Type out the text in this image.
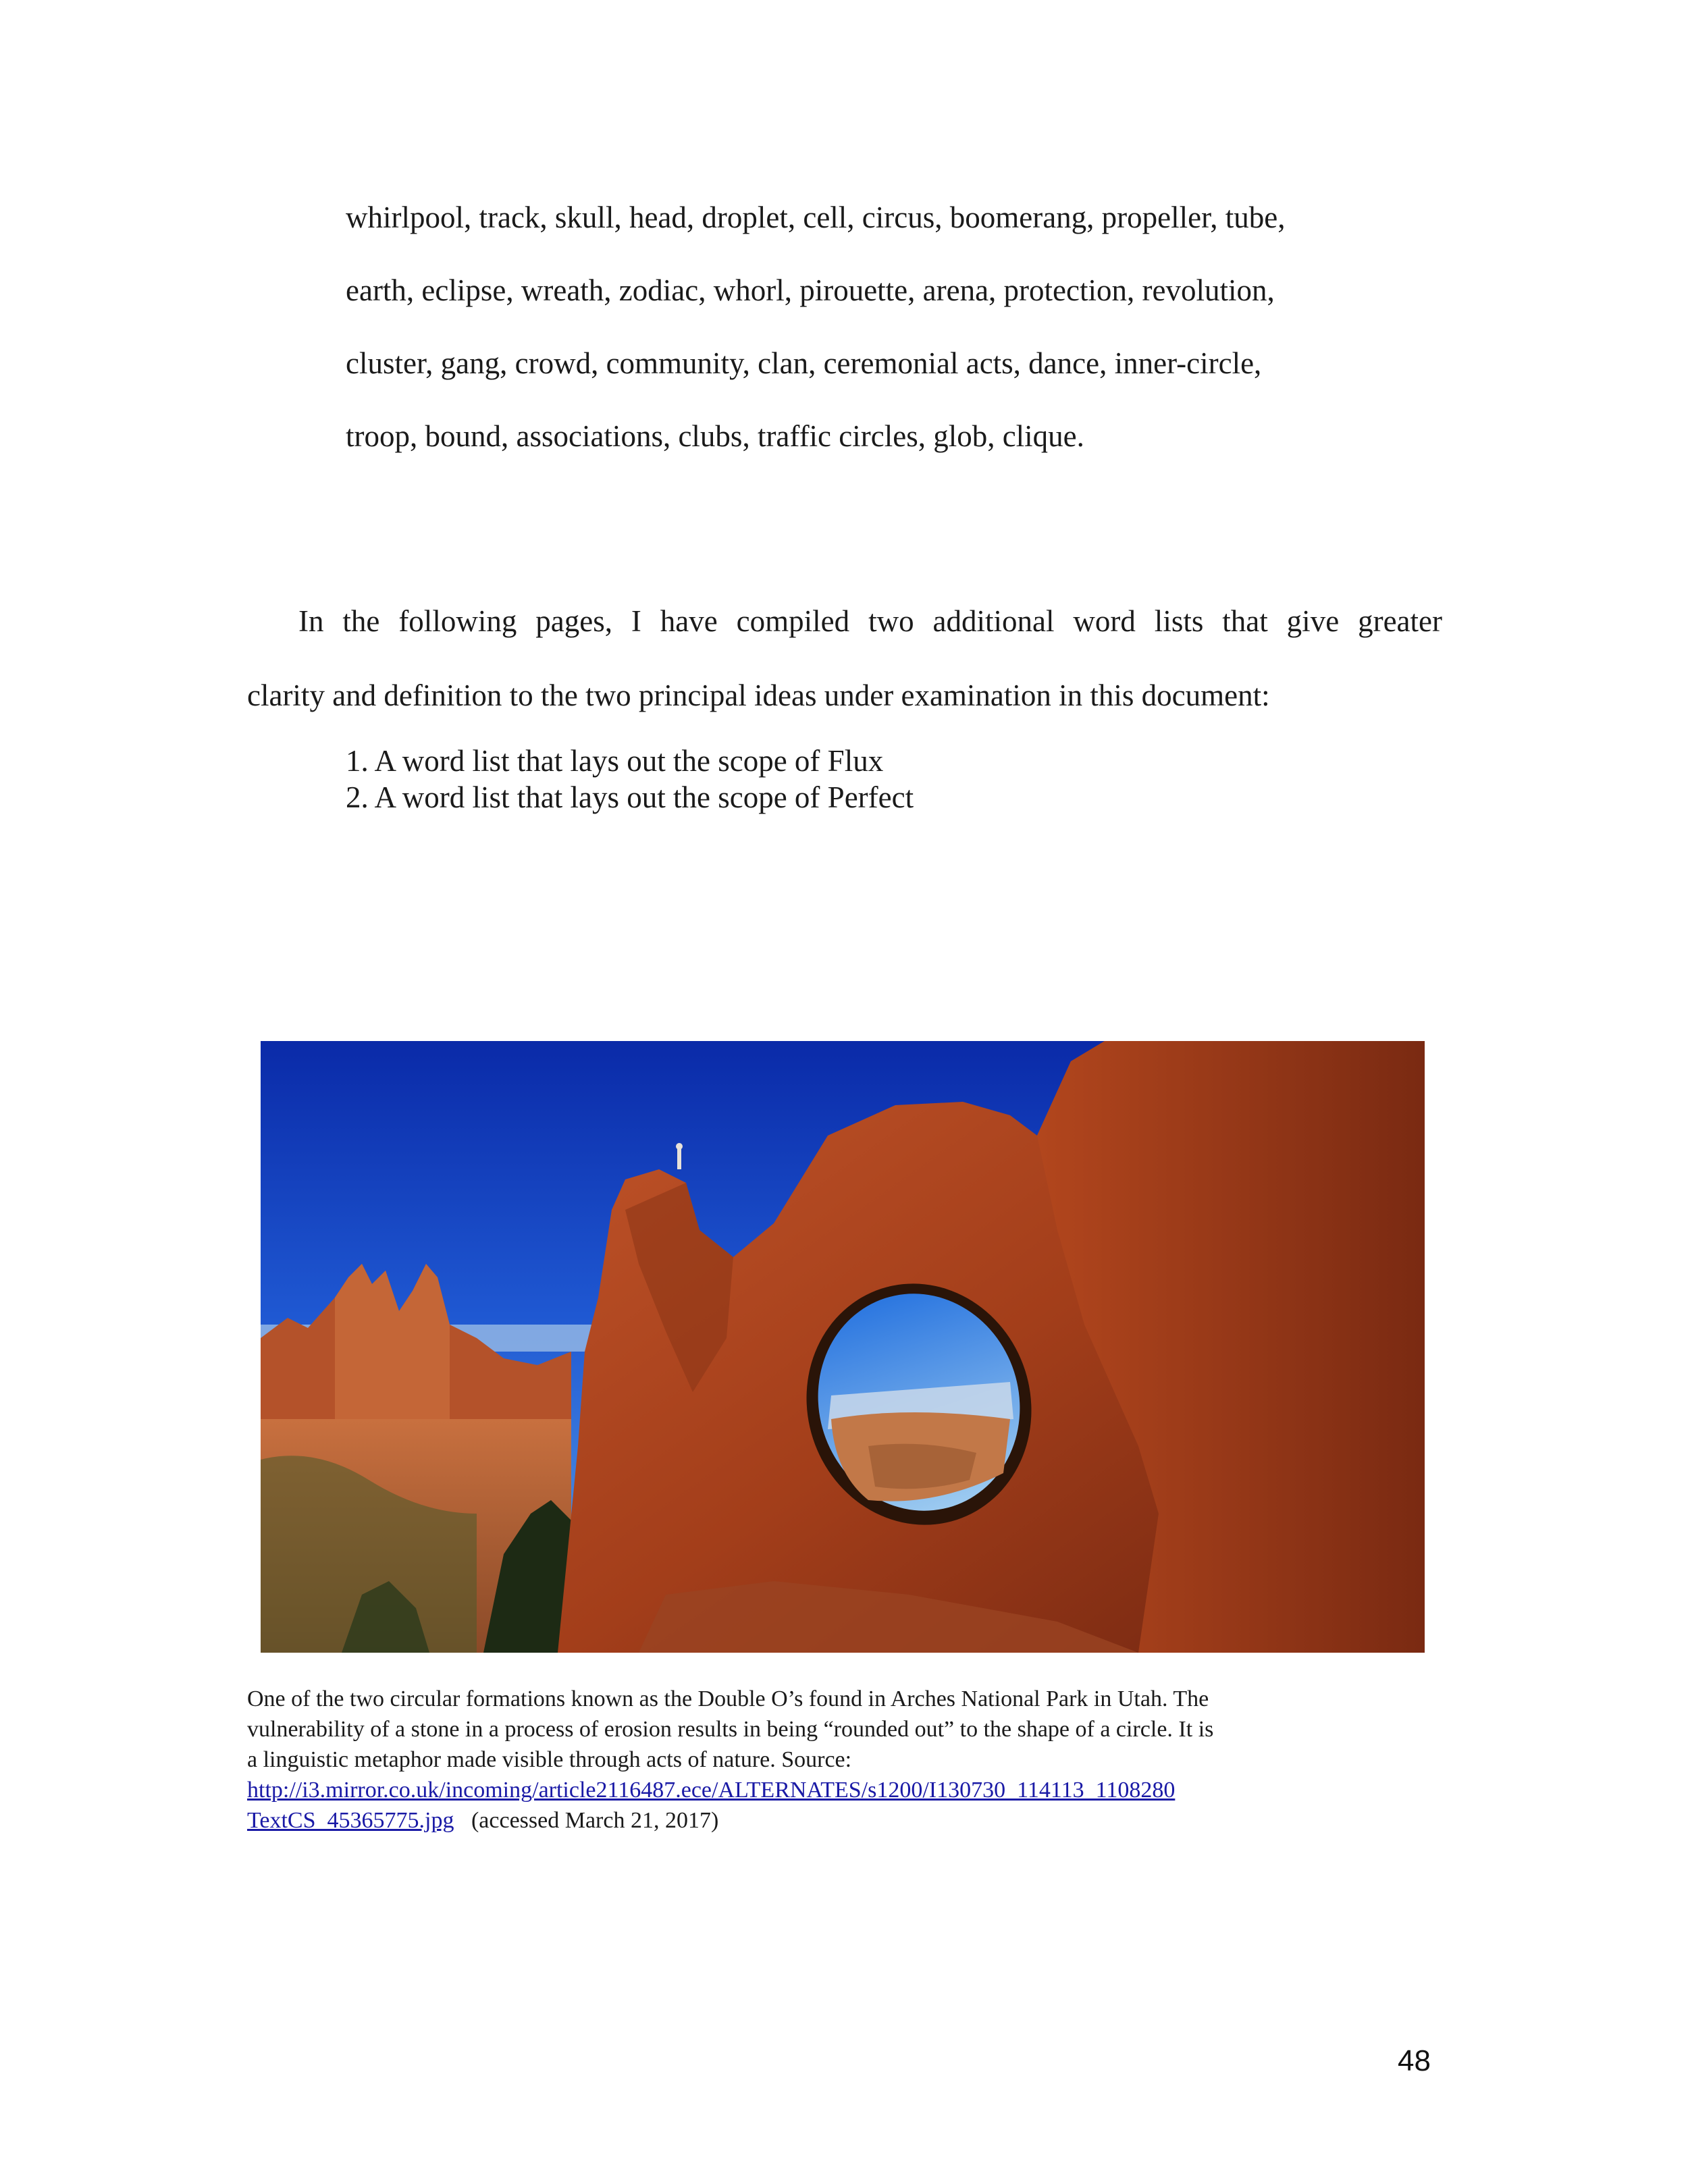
whirlpool, track, skull, head, droplet, cell, circus, boomerang, propeller, tube,
earth, eclipse, wreath, zodiac, whorl, pirouette, arena, protection, revolution,
cluster, gang, crowd, community, clan, ceremonial acts, dance, inner-circle,
troop, bound, associations, clubs, traffic circles, glob, clique.
In the following pages, I have compiled two additional word lists that give greater
clarity and definition to the two principal ideas under examination in this document:
1. A word list that lays out the scope of Flux
2. A word list that lays out the scope of Perfect
One of the two circular formations known as the Double O’s found in Arches National Park in Utah. The
vulnerability of a stone in a process of erosion results in being “rounded out” to the shape of a circle. It is
a linguistic metaphor made visible through acts of nature. Source:
http://i3.mirror.co.uk/incoming/article2116487.ece/ALTERNATES/s1200/I130730_114113_1108280
TextCS_45365775.jpg (accessed March 21, 2017)
48
